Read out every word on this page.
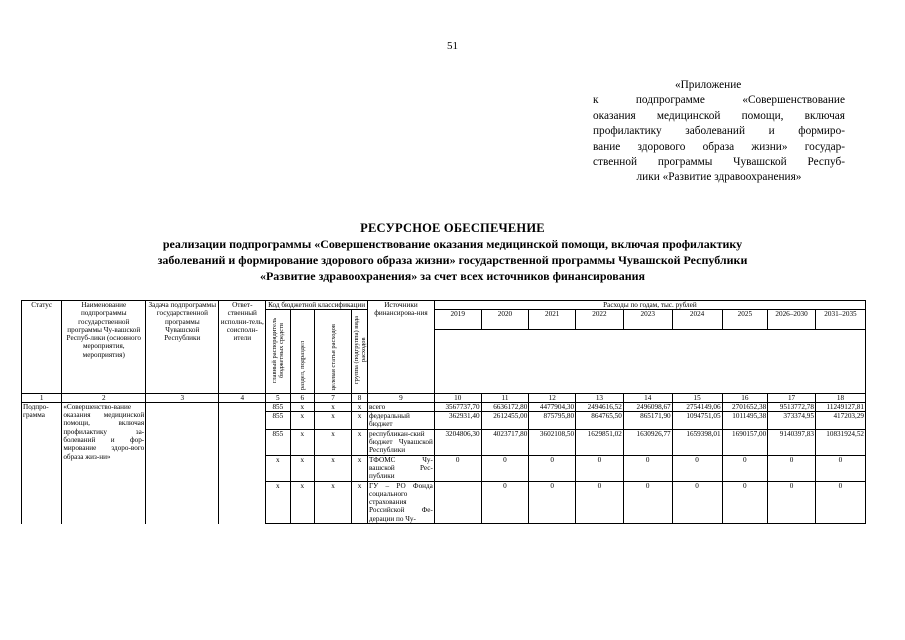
51
«Приложение
к подпрограмме «Совершенствование
оказания медицинской помощи, включая
профилактику заболеваний и формиро-
вание здорового образа жизни» государ-
ственной программы Чувашской Респуб-
лики «Развитие здравоохранения»
РЕСУРСНОЕ ОБЕСПЕЧЕНИЕ
реализации подпрограммы «Совершенствование оказания медицинской помощи, включая профилактику
заболеваний и формирование здорового образа жизни» государственной программы Чувашской Республики
«Развитие здравоохранения» за счет всех источников финансирования
Статус	Наименование подпрограммы государственной программы Чу-вашской Респуб-лики (основного мероприятия, мероприятия)	Задача подпрограммы государственной программы Чувашской Республики	Ответ-ственный исполни-тель, соисполн-ители	Код бюджетной классификации				Источники финансирова-ния	Расходы по годам, тыс. рублей								
				главный распорядитель бюджетных средств	раздел, подраздел	целевая статья расходов	группа (подгруппа) вида расходов		2019	2020	2021	2022	2023	2024	2025	2026–2030	2031–2035

1	2	3	4	5	6	7	8	9	10	11	12	13	14	15	16	17	18
Подпро-грамма	«Совершенство-вание оказания медицинской помощи, включая профилактику за-болеваний и фор-мирование здоро-вого образа жиз-ни»			855	х	х	х	всего	3567737,70	6636172,80	4477904,30	2494616,52	2496098,67	2754149,06	2701652,38	9513772,78	11249127,81
				855	х	х	х	федеральный бюджет	362931,40	2612455,00	875795,80	864765,50	865171,90	1094751,05	1011495,38	373374,95	417203,29
				855	х	х	х	республикан-ский бюджет Чувашской Республики	3204806,30	4023717,80	3602108,50	1629851,02	1630926,77	1659398,01	1690157,00	9140397,83	10831924,52
				х	х	х	х	ТФОМС Чу-вашской Рес-публики	0	0	0	0	0	0	0	0	0
				х	х	х	х	ГУ – РО Фонда социального страхования Российской Фе-дерации по Чу-		0	0	0	0	0	0	0	0
